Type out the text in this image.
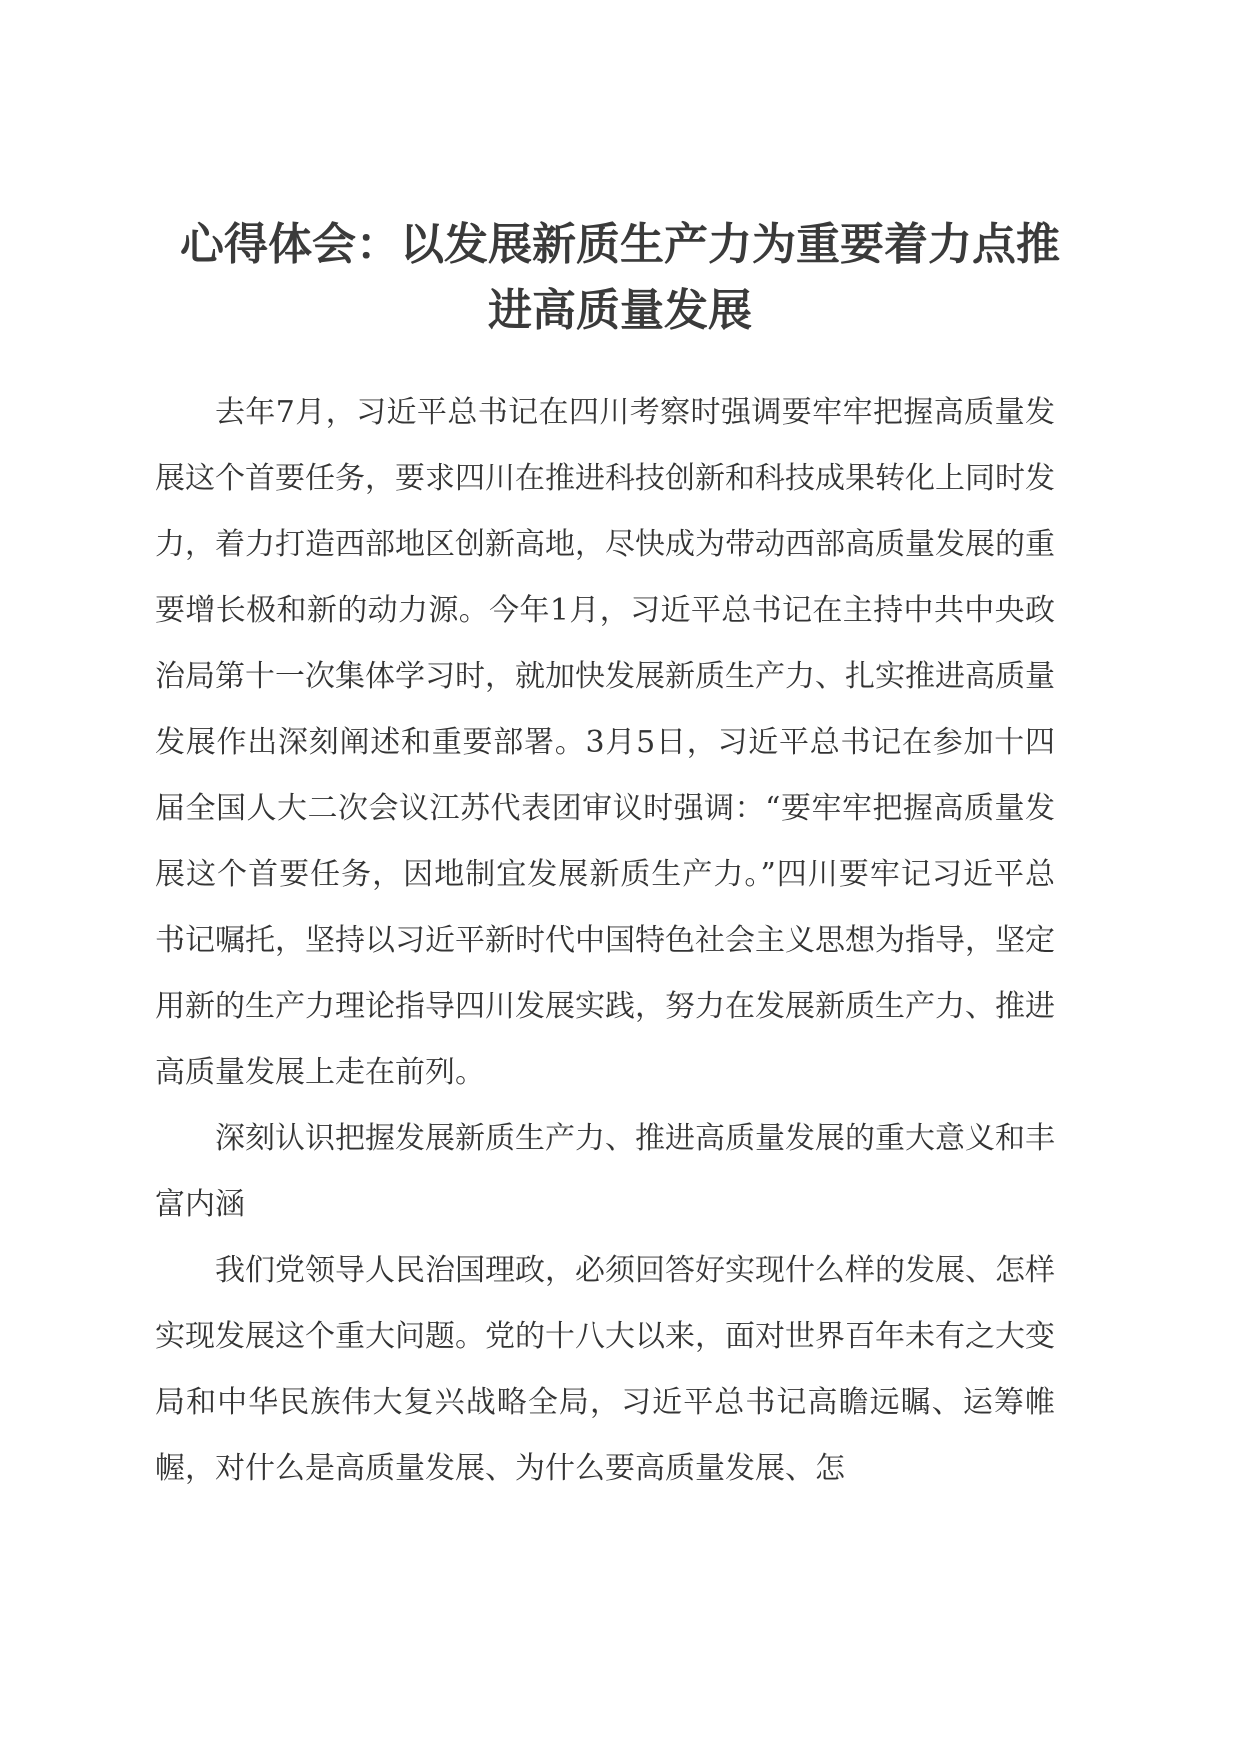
心得体会：以发展新质生产力为重要着力点推
进高质量发展

去年7月，习近平总书记在四川考察时强调要牢牢把握高质量发展这个首要任务，要求四川在推进科技创新和科技成果转化上同时发力，着力打造西部地区创新高地，尽快成为带动西部高质量发展的重要增长极和新的动力源。今年1月，习近平总书记在主持中共中央政治局第十一次集体学习时，就加快发展新质生产力、扎实推进高质量发展作出深刻阐述和重要部署。3月5日，习近平总书记在参加十四届全国人大二次会议江苏代表团审议时强调：“要牢牢把握高质量发展这个首要任务，因地制宜发展新质生产力。”四川要牢记习近平总书记嘱托，坚持以习近平新时代中国特色社会主义思想为指导，坚定用新的生产力理论指导四川发展实践，努力在发展新质生产力、推进高质量发展上走在前列。

深刻认识把握发展新质生产力、推进高质量发展的重大意义和丰富内涵

我们党领导人民治国理政，必须回答好实现什么样的发展、怎样实现发展这个重大问题。党的十八大以来，面对世界百年未有之大变局和中华民族伟大复兴战略全局，习近平总书记高瞻远瞩、运筹帷幄，对什么是高质量发展、为什么要高质量发展、怎
